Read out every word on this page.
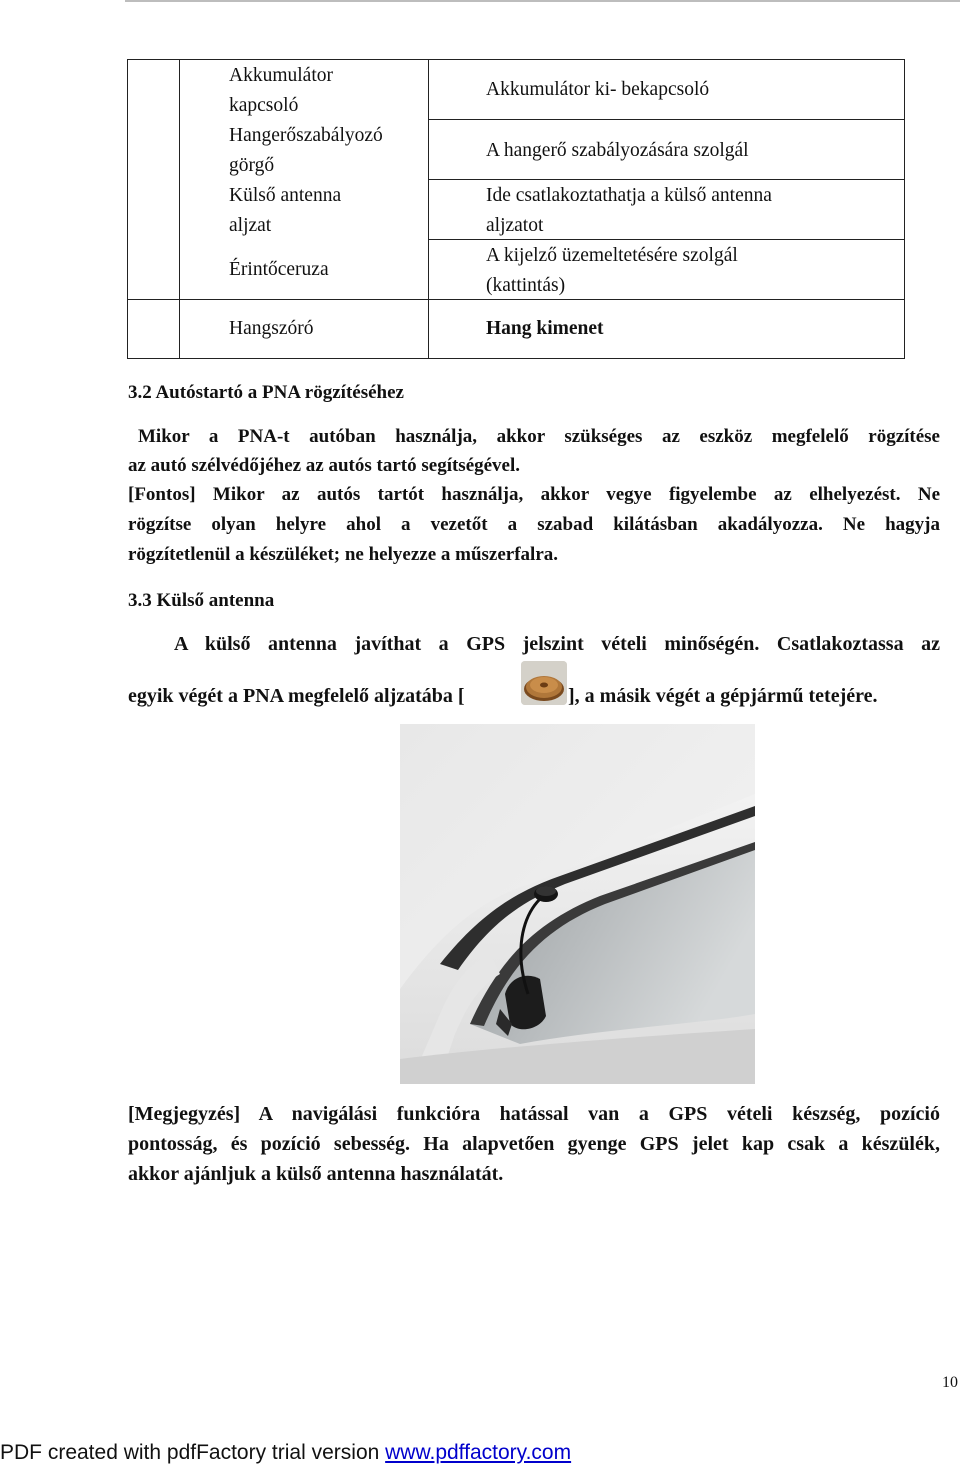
Akkumulátor
kapcsoló
Akkumulátor ki- bekapcsoló
Hangerőszabályozó
görgő
A hangerő szabályozására szolgál
Külső antenna
aljzat
Ide csatlakoztathatja a külső antenna
aljzatot
Érintőceruza
A kijelző üzemeltetésére szolgál
(kattintás)
Hangszóró	Hang kimenet
3.2 Autóstartó a PNA rögzítéséhez
Mikor a PNA-t autóban használja, akkor szükséges az eszköz megfelelő rögzítése
az autó szélvédőjéhez az autós tartó segítségével.
[Fontos] Mikor az autós tartót használja, akkor vegye figyelembe az elhelyezést. Ne
rögzítse olyan helyre ahol a vezetőt a szabad kilátásban akadályozza. Ne hagyja
rögzítetlenül a készüléket; ne helyezze a műszerfalra.
3.3 Külső antenna
A külső antenna javíthat a GPS jelszint vételi minőségén. Csatlakoztassa az
egyik végét a PNA megfelelő aljzatába [	], a másik végét a gépjármű tetejére.
[Megjegyzés] A navigálási funkcióra hatással van a GPS vételi készség, pozíció
pontosság, és pozíció sebesség. Ha alapvetően gyenge GPS jelet kap csak a készülék,
akkor ajánljuk a külső antenna használatát.
10
PDF created with pdfFactory trial version www.pdffactory.com
